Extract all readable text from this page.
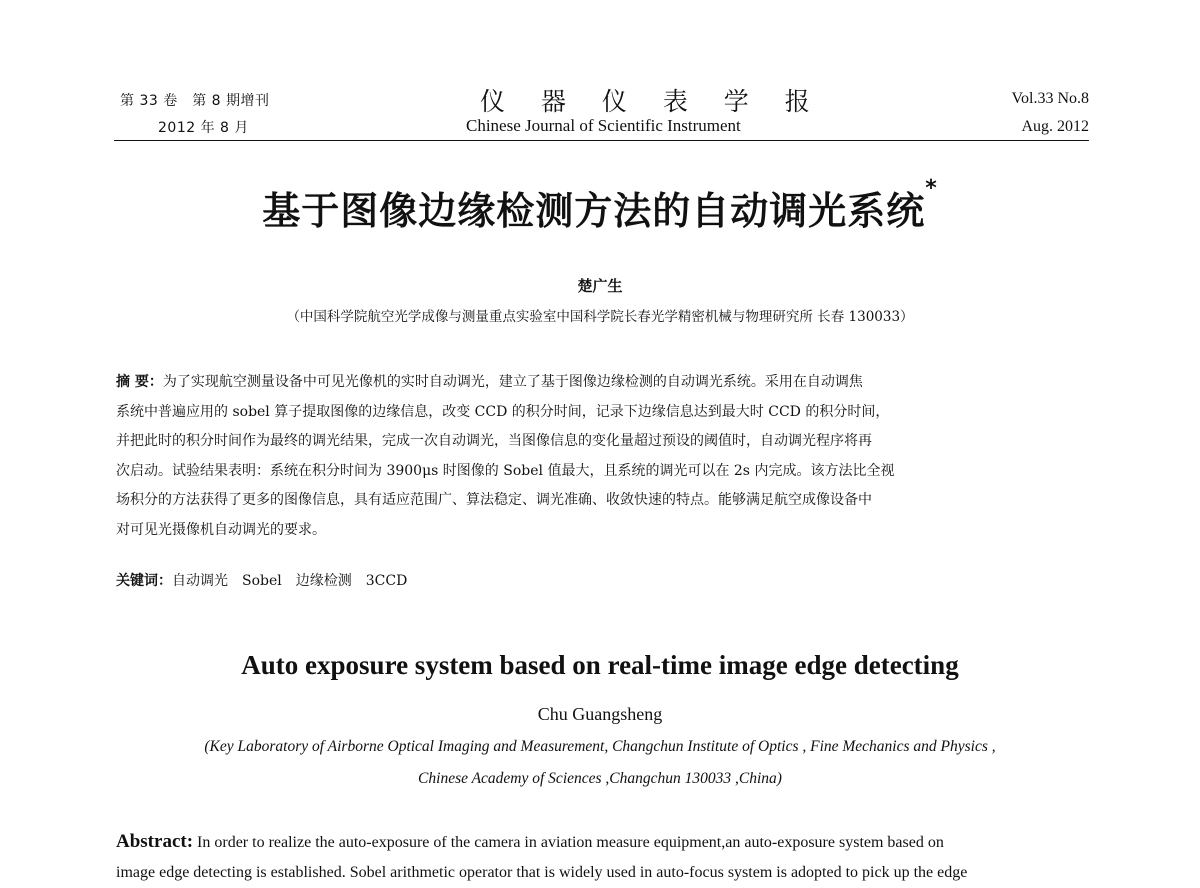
第 33 卷　第 8 期增刊
2012 年 8 月
仪 器 仪 表 学 报
Chinese Journal of Scientific Instrument
Vol.33 No.8
Aug. 2012
基于图像边缘检测方法的自动调光系统*
楚广生
（中国科学院航空光学成像与测量重点实验室中国科学院长春光学精密机械与物理研究所 长春 130033）
摘 要：为了实现航空测量设备中可见光像机的实时自动调光，建立了基于图像边缘检测的自动调光系统。采用在自动调焦
系统中普遍应用的 sobel 算子提取图像的边缘信息，改变 CCD 的积分时间，记录下边缘信息达到最大时 CCD 的积分时间，
并把此时的积分时间作为最终的调光结果，完成一次自动调光，当图像信息的变化量超过预设的阈值时，自动调光程序将再
次启动。试验结果表明：系统在积分时间为 3900μs 时图像的 Sobel 值最大，且系统的调光可以在 2s 内完成。该方法比全视
场积分的方法获得了更多的图像信息，具有适应范围广、算法稳定、调光准确、收敛快速的特点。能够满足航空成像设备中
对可见光摄像机自动调光的要求。
关键词：自动调光　Sobel　边缘检测　3CCD
Auto exposure system based on real-time image edge detecting
Chu Guangsheng
(Key Laboratory of Airborne Optical Imaging and Measurement, Changchun Institute of Optics , Fine Mechanics and Physics ,
Chinese Academy of Sciences ,Changchun 130033 ,China)
Abstract: In order to realize the auto-exposure of the camera in aviation measure equipment,an auto-exposure system based on
image edge detecting is established. Sobel arithmetic operator that is widely used in auto-focus system is adopted to pick up the edge
